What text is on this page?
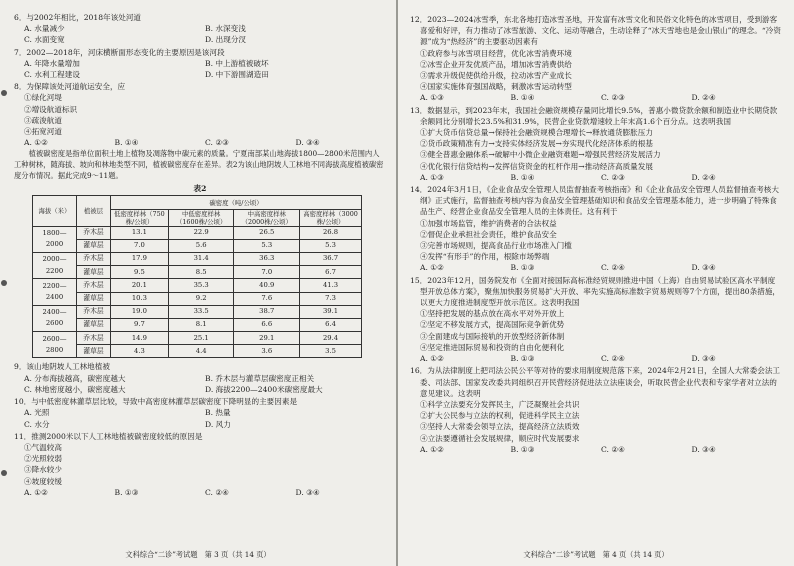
6．与2002年相比，2018年该处河道
A. 水量减少	B. 水深变浅
C. 水面变宽	D. 出现分汊
7．2002—2018年，河床横断面形态变化的主要原因是该河段
A. 年降水量增加	B. 中上游植被破坏
C. 水利工程建设	D. 中下游围湖造田
8．为保障该处河道航运安全，应
①绿化河堤
②增设航道标识
③疏浚航道
④拓宽河道
A. ①②	B. ①④	C. ②③	D. ③④
植被碳密度是指单位面积土地上植物及凋落物中碳元素的质量。宁夏南部某山地海拔1800—2800米范围内人工种树林，随海拔、坡向和林地类型不同，植被碳密度存在差异。表2为该山地阴坡人工林地不同海拔高度植被碳密度分布情况。据此完成9～11题。
表2
海拔（米）	植被层	碳密度（吨/公顷）			
		低密度样林（750株/公顷）	中低密度样林（1600株/公顷）	中高密度样林（2000株/公顷）	高密度样林（3000株/公顷）
1800—2000	乔木层	13.1	22.9	26.5	26.8
	灌草层	7.0	5.6	5.3	5.3
2000—2200	乔木层	17.9	31.4	36.3	36.7
	灌草层	9.5	8.5	7.0	6.7
2200—2400	乔木层	20.1	35.3	40.9	41.3
	灌草层	10.3	9.2	7.6	7.3
2400—2600	乔木层	19.0	33.5	38.7	39.1
	灌草层	9.7	8.1	6.6	6.4
2600—2800	乔木层	14.9	25.1	29.1	29.4
	灌草层	4.3	4.4	3.6	3.5
9．该山地阴坡人工林地植被
A. 分布海拔越高，碳密度越大	B. 乔木层与灌草层碳密度正相关
C. 林地密度越小，碳密度越大	D. 海拔2200—2400米碳密度最大
10．与中低密度林灌草层比较，导致中高密度林灌草层碳密度下降明显的主要因素是
A. 光照	B. 热量
C. 水分	D. 风力
11．推测2000米以下人工林地植被碳密度较低的原因是
①气温较高
②光照较弱
③降水较少
④坡度较缓
A. ①②	B. ①③	C. ②④	D. ③④
文科综合“二诊”考试题　第 3 页（共 14 页）
12．2023—2024冰雪季，东北各地打造冰雪圣地，开发富有冰雪文化和民俗文化特色的冰雪项目，受到游客喜爱和好评，有力推动了冰雪旅游、文化、运动等融合，生动诠释了“冰天雪地也是金山银山”的理念。“冷资源”成为“热经济”的主要驱动因素有
①政府参与冰雪项目经营，优化冰雪消费环境
②冰雪企业开发优质产品，增加冰雪消费供给
③需求升级促使供给升级，拉动冰雪产业成长
④国家实施体育强国战略，刺激冰雪运动转型
A. ①③	B. ①④	C. ②③	D. ②④
13．数据显示，到2023年末，我国社会融资规模存量同比增长9.5%，普惠小微贷款余额和制造业中长期贷款余额同比分别增长23.5%和31.9%，民营企业贷款增速较上年末高1.6个百分点。这表明我国
①扩大货币信贷总量→保持社会融资规模合理增长→释放通货膨胀压力
②货币政策精准有力→支持实体经济发展→夯实现代化经济体系的根基
③健全普惠金融体系→破解中小微企业融资难题→增强民营经济发展活力
④优化银行信贷结构→发挥信贷资金的杠杆作用→推动经济高质量发展
A. ①③	B. ①④	C. ②③	D. ②④
14．2024年3月1日，《企业食品安全管理人员监督抽查考核指南》和《企业食品安全管理人员监督抽查考核大纲》正式施行，监督抽查考核内容为食品安全管理基础知识和食品安全管理基本能力，进一步明确了特殊食品生产、经营企业食品安全管理人员的主体责任。这有利于
①加强市场监管，维护消费者的合法权益
②督促企业承担社会责任，维护食品安全
③完善市场规则，提高食品行业市场准入门槛
④发挥“有形手”的作用，根除市场弊端
A. ①②	B. ①③	C. ②④	D. ③④
15．2023年12月，国务院发布《全面对接国际高标准经贸规则推进中国（上海）自由贸易试验区高水平制度型开放总体方案》，聚焦加快服务贸易扩大开放、率先实施高标准数字贸易规则等7个方面，提出80条措施，以更大力度推进制度型开放示范区。这表明我国
①坚持把发展的基点放在高水平对外开放上
②坚定不移发展方式，提高国际竞争新优势
③全面建成与国际接轨的开放型经济新体制
④坚定推进国际贸易和投资的自由化便利化
A. ①②	B. ①③	C. ②④	D. ③④
16．为从法律制度上把司法公民公平等对待的要求用制度规范落下来，2024年2月21日，全国人大常委会法工委、司法部、国家发改委共同组织召开民营经济促进法立法座谈会，听取民营企业代表和专家学者对立法的意见建议。这表明
①科学立法要充分发挥民主，广泛凝聚社会共识
②扩大公民参与立法的权利，促进科学民主立法
③坚持人大常委会领导立法，提高经济立法质效
④立法要遵循社会发展规律，顺应时代发展要求
A. ①②	B. ①③	C. ②④	D. ③④
文科综合“二诊”考试题　第 4 页（共 14 页）
